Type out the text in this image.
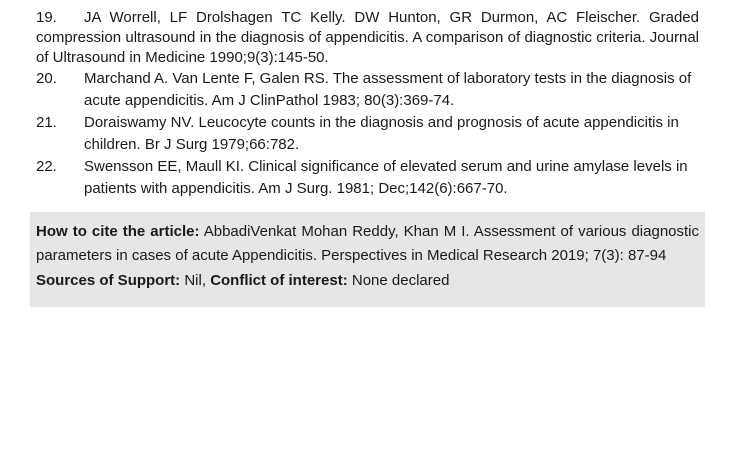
19. JA Worrell, LF Drolshagen TC Kelly. DW Hunton, GR Durmon, AC Fleischer. Graded compression ultrasound in the diagnosis of appendicitis. A comparison of diagnostic criteria. Journal of Ultrasound in Medicine 1990;9(3):145-50.

20. Marchand A. Van Lente F, Galen RS. The assessment of laboratory tests in the diagnosis of acute appendicitis. Am J ClinPathol 1983; 80(3):369-74.

21. Doraiswamy NV. Leucocyte counts in the diagnosis and prognosis of acute appendicitis in children. Br J Surg 1979;66:782.

22. Swensson EE, Maull KI. Clinical significance of elevated serum and urine amylase levels in patients with appendicitis. Am J Surg. 1981; Dec;142(6):667-70.

How to cite the article: AbbadiVenkat Mohan Reddy, Khan M I. Assessment of various diagnostic parameters in cases of acute Appendicitis. Perspectives in Medical Research 2019; 7(3): 87-94

Sources of Support: Nil, Conflict of interest: None declared
